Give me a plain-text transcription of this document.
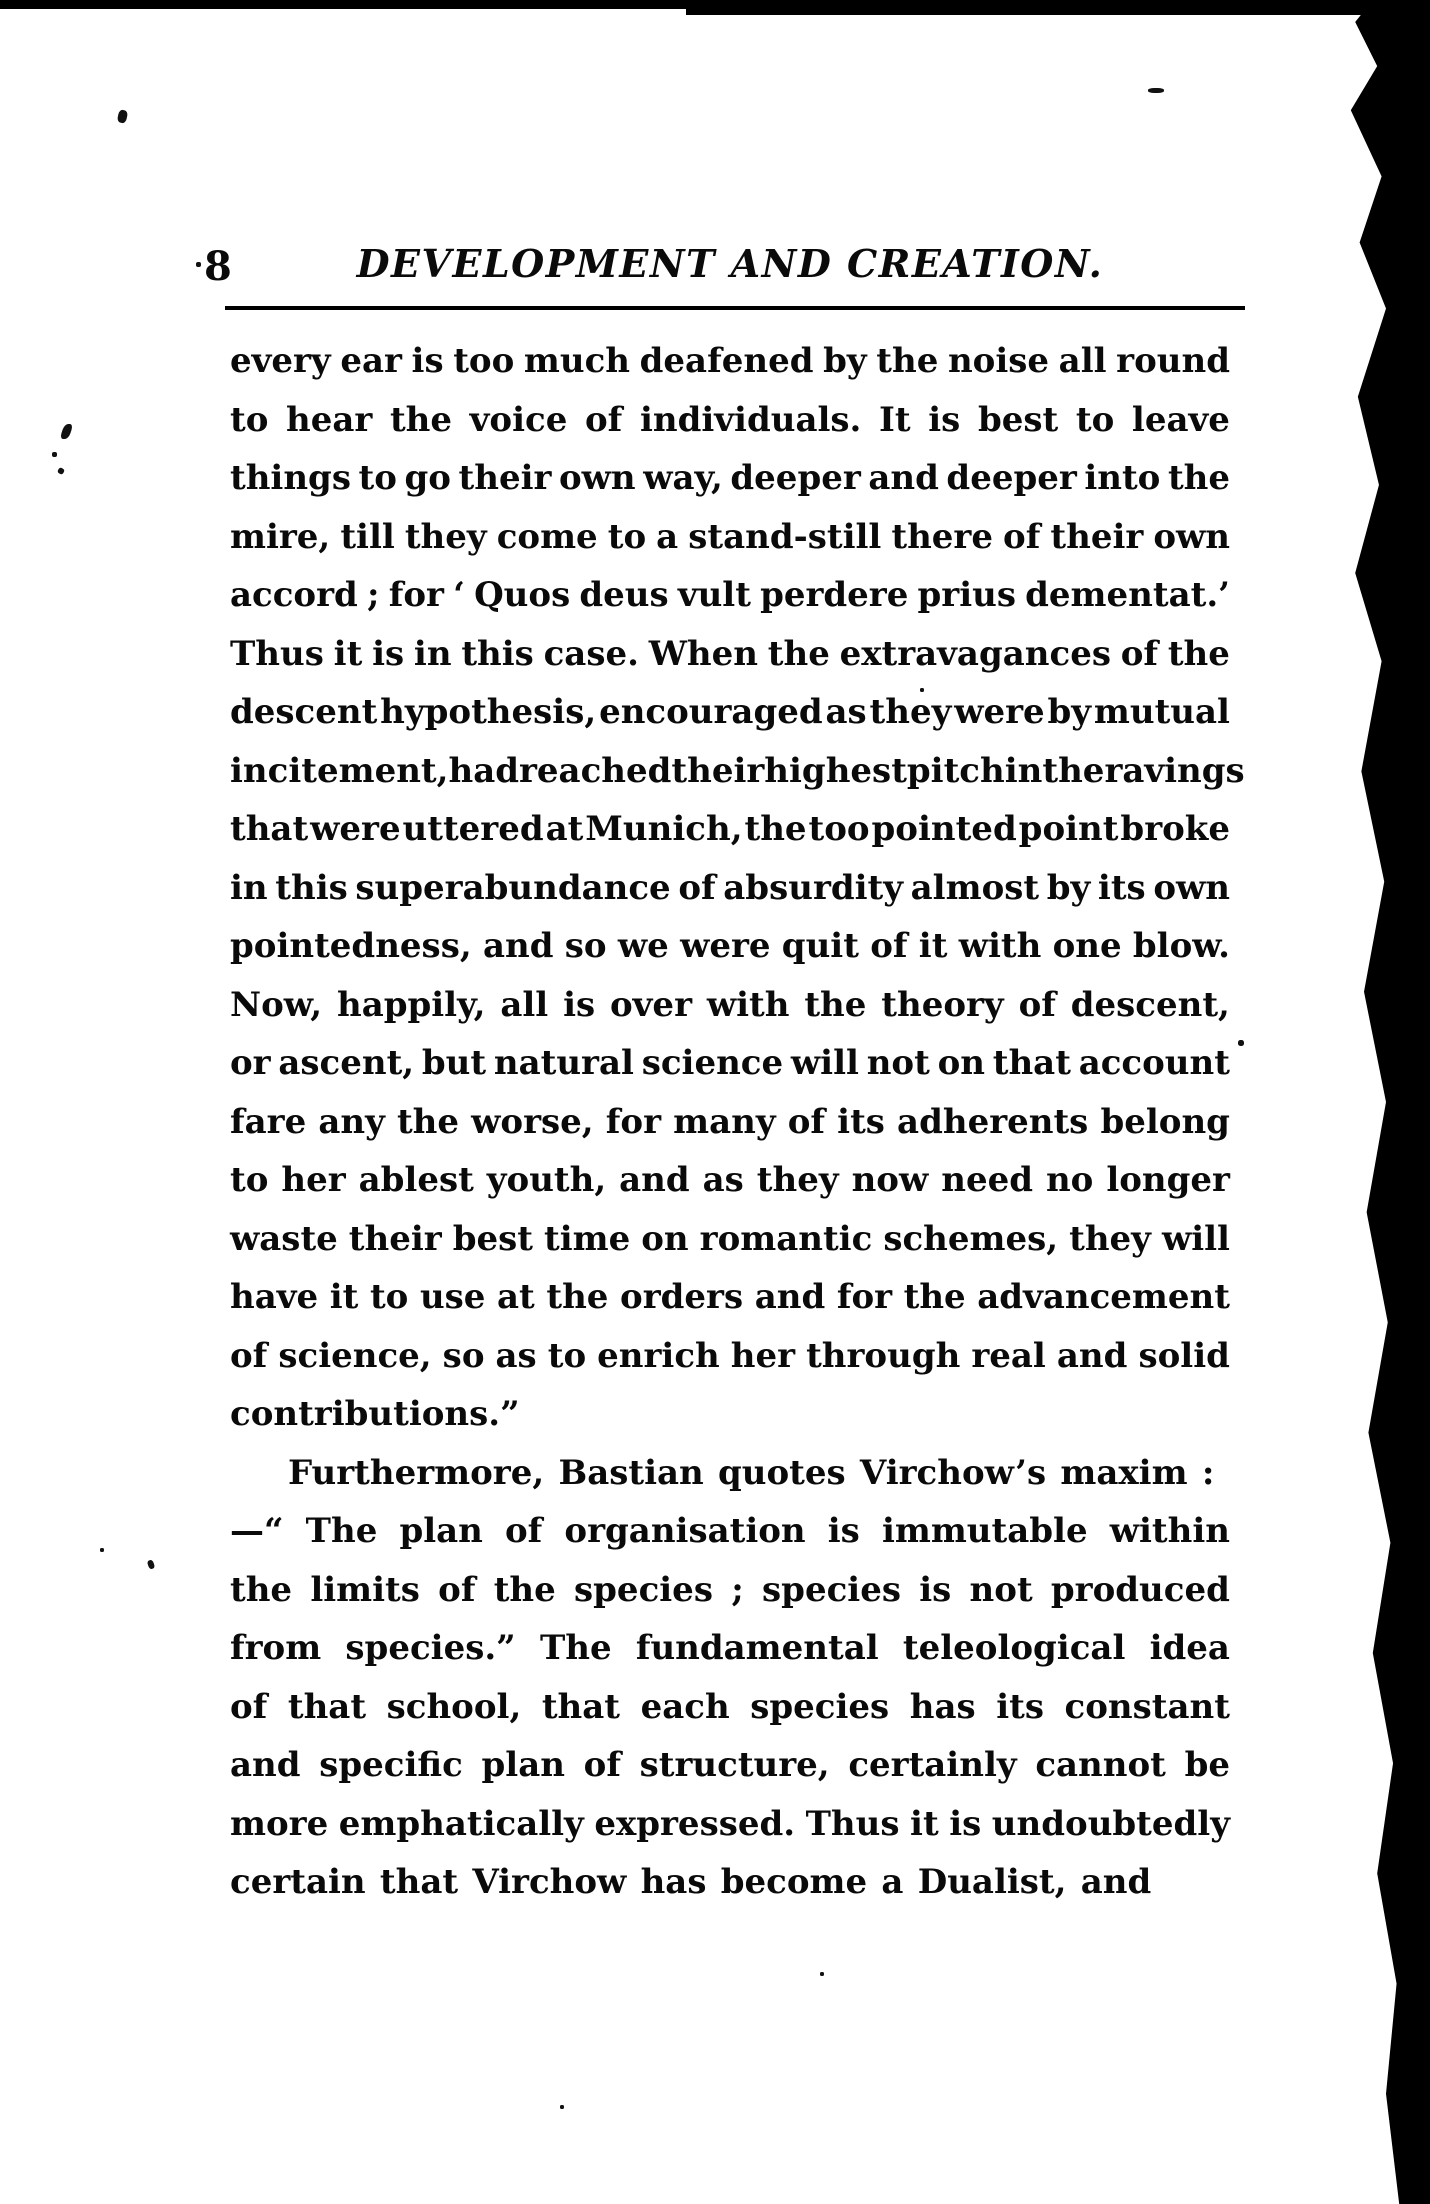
8	DEVELOPMENT AND CREATION.
every ear is too much deafened by the noise all round
to hear the voice of individuals. It is best to leave
things to go their own way, deeper and deeper into the
mire, till they come to a stand-still there of their own
accord ; for ‘ Quos deus vult perdere prius dementat.’
Thus it is in this case. When the extravagances of the
descent hypothesis, encouraged as they were by mutual
incitement, had reached their highest pitch in the ravings
that were uttered at Munich, the too pointed point broke
in this superabundance of absurdity almost by its own
pointedness, and so we were quit of it with one blow.
Now, happily, all is over with the theory of descent,
or ascent, but natural science will not on that account
fare any the worse, for many of its adherents belong
to her ablest youth, and as they now need no longer
waste their best time on romantic schemes, they will
have it to use at the orders and for the advancement
of science, so as to enrich her through real and solid
contributions.”
Furthermore, Bastian quotes Virchow’s maxim :
—“ The plan of organisation is immutable within
the limits of the species ; species is not produced
from species.” The fundamental teleological idea
of that school, that each species has its constant
and specific plan of structure, certainly cannot be
more emphatically expressed. Thus it is undoubtedly
certain that Virchow has become a Dualist, and
